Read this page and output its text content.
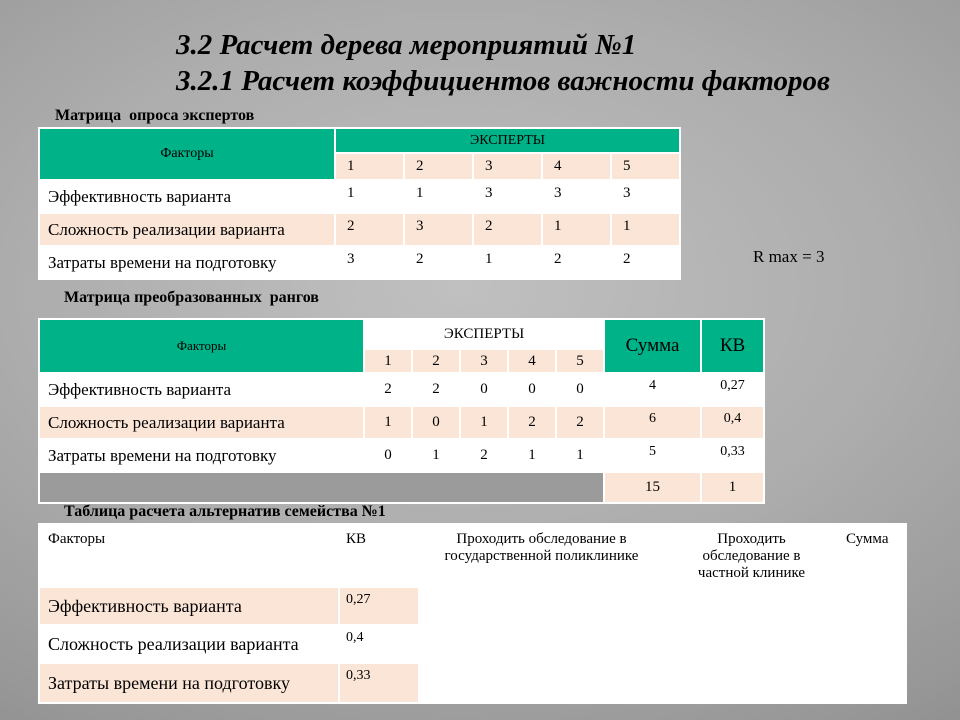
3.2 Расчет дерева мероприятий №1
3.2.1 Расчет коэффициентов важности факторов
Матрица  опроса экспертов
Факторы	ЭКСПЕРТЫ				
	1	2	3	4	5
Эффективность варианта	1	1	3	3	3
Сложность реализации варианта	2	3	2	1	1
Затраты времени на подготовку	3	2	1	2	2	R max = 3
Матрица преобразованных  рангов
Факторы	ЭКСПЕРТЫ					Сумма	КВ
	1	2	3	4	5		
Эффективность варианта	2	2	0	0	0	4	0,27
Сложность реализации варианта	1	0	1	2	2	6	0,4
Затраты времени на подготовку	0	1	2	1	1	5	0,33
						15	1
Таблица расчета альтернатив семейства №1
Факторы	КВ	Проходить обследование в государственной поликлинике	Проходить обследование в частной клинике	Сумма
Эффективность варианта	0,27			
Сложность реализации варианта	0,4			
Затраты времени на подготовку	0,33			
